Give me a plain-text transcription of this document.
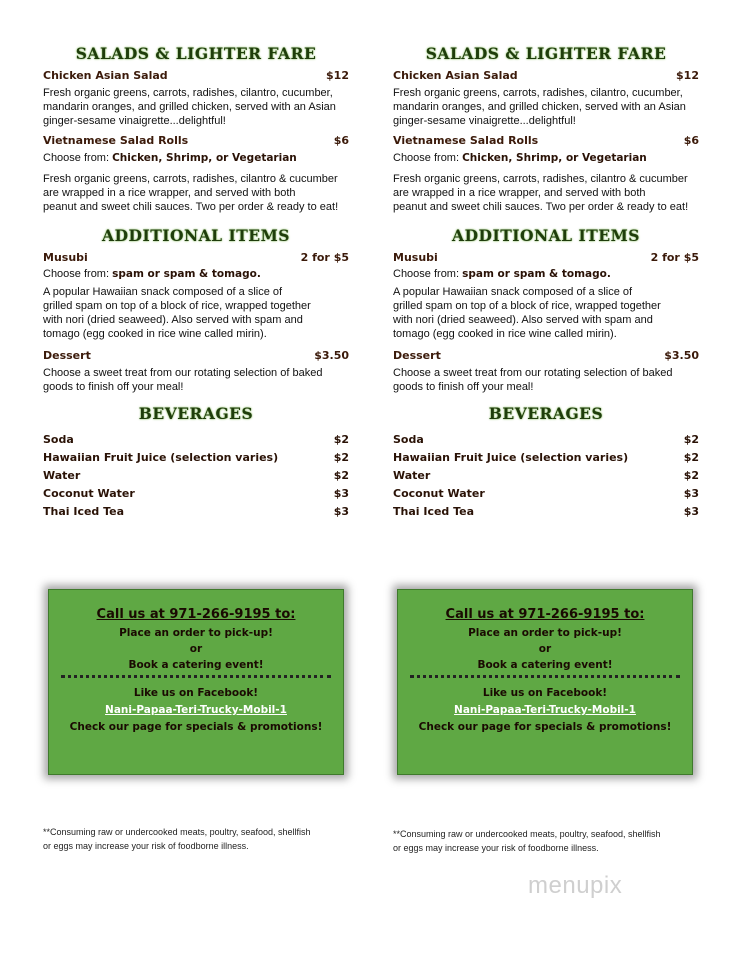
SALADS & LIGHTER FARE
Chicken Asian Salad	$12

Fresh organic greens, carrots, radishes, cilantro, cucumber,
mandarin oranges, and grilled chicken, served with an Asian
ginger-sesame vinaigrette...delightful!

Vietnamese Salad Rolls	$6

Choose from: Chicken, Shrimp, or Vegetarian

Fresh organic greens, carrots, radishes, cilantro & cucumber
are wrapped in a rice wrapper, and served with both
peanut and sweet chili sauces. Two per order & ready to eat!

ADDITIONAL ITEMS
Musubi	2 for $5

Choose from: spam or spam & tomago.

A popular Hawaiian snack composed of a slice of
grilled spam on top of a block of rice, wrapped together
with nori (dried seaweed). Also served with spam and
tomago (egg cooked in rice wine called mirin).

Dessert	$3.50

Choose a sweet treat from our rotating selection of baked
goods to finish off your meal!

BEVERAGES
Soda	$2
Hawaiian Fruit Juice (selection varies)	$2
Water	$2
Coconut Water	$3
Thai Iced Tea	$3
SALADS & LIGHTER FARE
Chicken Asian Salad	$12

Fresh organic greens, carrots, radishes, cilantro, cucumber,
mandarin oranges, and grilled chicken, served with an Asian
ginger-sesame vinaigrette...delightful!

Vietnamese Salad Rolls	$6

Choose from: Chicken, Shrimp, or Vegetarian

Fresh organic greens, carrots, radishes, cilantro & cucumber
are wrapped in a rice wrapper, and served with both
peanut and sweet chili sauces. Two per order & ready to eat!

ADDITIONAL ITEMS
Musubi	2 for $5

Choose from: spam or spam & tomago.

A popular Hawaiian snack composed of a slice of
grilled spam on top of a block of rice, wrapped together
with nori (dried seaweed). Also served with spam and
tomago (egg cooked in rice wine called mirin).

Dessert	$3.50

Choose a sweet treat from our rotating selection of baked
goods to finish off your meal!

BEVERAGES
Soda	$2
Hawaiian Fruit Juice (selection varies)	$2
Water	$2
Coconut Water	$3
Thai Iced Tea	$3
Call us at 971-266-9195 to:
Place an order to pick-up!
or
Book a catering event!
Like us on Facebook!
Nani-Papaa-Teri-Trucky-Mobil-1
Check our page for specials & promotions!
Call us at 971-266-9195 to:
Place an order to pick-up!
or
Book a catering event!
Like us on Facebook!
Nani-Papaa-Teri-Trucky-Mobil-1
Check our page for specials & promotions!
**Consuming raw or undercooked meats, poultry, seafood, shellfish
or eggs may increase your risk of foodborne illness.
**Consuming raw or undercooked meats, poultry, seafood, shellfish
or eggs may increase your risk of foodborne illness.
menupix
